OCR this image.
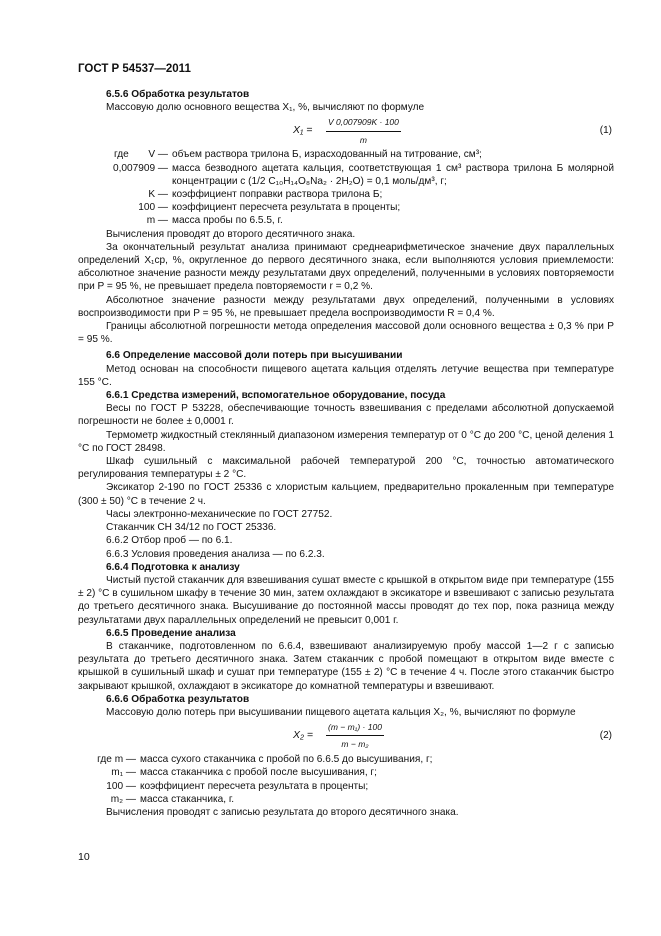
ГОСТ Р 54537—2011

6.5.6 Обработка результатов

Массовую долю основного вещества X₁, %, вычисляют по формуле

$X_1 = \frac{V 0,007909K \cdot 100}{m}$	(1)
где V — объем раствора трилона Б, израсходованный на титрование, см³;
0,007909 — масса безводного ацетата кальция, соответствующая 1 см³ раствора трилона Б молярной концентрации с (1/2 C₁₀H₁₄O₈Na₂ · 2H₂O) = 0,1 моль/дм³, г;
K — коэффициент поправки раствора трилона Б;
100 — коэффициент пересчета результата в проценты;
m — масса пробы по 6.5.5, г.

Вычисления проводят до второго десятичного знака.

За окончательный результат анализа принимают среднеарифметическое значение двух параллельных определений X₁ср, %, округленное до первого десятичного знака, если выполняются условия приемлемости: абсолютное значение разности между результатами двух определений, полученными в условиях повторяемости при P = 95 %, не превышает предела повторяемости r = 0,2 %.

Абсолютное значение разности между результатами двух определений, полученными в условиях воспроизводимости при P = 95 %, не превышает предела воспроизводимости R = 0,4 %.

Границы абсолютной погрешности метода определения массовой доли основного вещества ± 0,3 % при P = 95 %.

6.6 Определение массовой доли потерь при высушивании

Метод основан на способности пищевого ацетата кальция отделять летучие вещества при температуре 155 °С.

6.6.1 Средства измерений, вспомогательное оборудование, посуда

Весы по ГОСТ Р 53228, обеспечивающие точность взвешивания с пределами абсолютной допускаемой погрешности не более ± 0,0001 г.

Термометр жидкостный стеклянный диапазоном измерения температур от 0 °С до 200 °С, ценой деления 1 °С по ГОСТ 28498.

Шкаф сушильный с максимальной рабочей температурой 200 °С, точностью автоматического регулирования температуры ± 2 °С.

Эксикатор 2-190 по ГОСТ 25336 с хлористым кальцием, предварительно прокаленным при температуре (300 ± 50) °С в течение 2 ч.

Часы электронно-механические по ГОСТ 27752.

Стаканчик СН 34/12 по ГОСТ 25336.

6.6.2 Отбор проб — по 6.1.

6.6.3 Условия проведения анализа — по 6.2.3.

6.6.4 Подготовка к анализу

Чистый пустой стаканчик для взвешивания сушат вместе с крышкой в открытом виде при температуре (155 ± 2) °С в сушильном шкафу в течение 30 мин, затем охлаждают в эксикаторе и взвешивают с записью результата до третьего десятичного знака. Высушивание до постоянной массы проводят до тех пор, пока разница между результатами двух параллельных определений не превысит 0,001 г.

6.6.5 Проведение анализа

В стаканчике, подготовленном по 6.6.4, взвешивают анализируемую пробу массой 1—2 г с записью результата до третьего десятичного знака. Затем стаканчик с пробой помещают в открытом виде вместе с крышкой в сушильный шкаф и сушат при температуре (155 ± 2) °С в течение 4 ч. После этого стаканчик быстро закрывают крышкой, охлаждают в эксикаторе до комнатной температуры и взвешивают.

6.6.6 Обработка результатов

Массовую долю потерь при высушивании пищевого ацетата кальция X₂, %, вычисляют по формуле

$X_2 = \frac{\text{(m − m₁) · 100}}{\text{m − m₂}}$	(2)
где m — масса сухого стаканчика с пробой по 6.6.5 до высушивания, г;
m₁ — масса стаканчика с пробой после высушивания, г;
100 — коэффициент пересчета результата в проценты;
m₂ — масса стаканчика, г.

Вычисления проводят с записью результата до второго десятичного знака.

10
